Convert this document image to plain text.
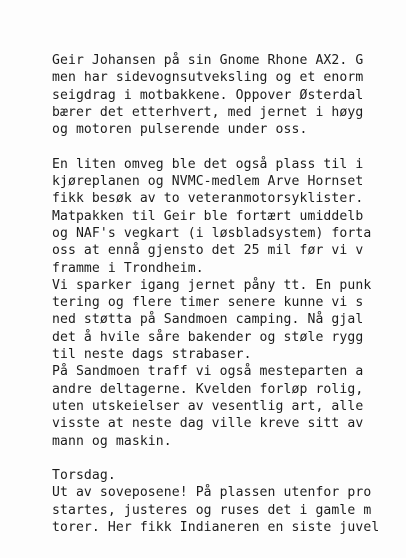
Geir Johansen på sin Gnome Rhone AX2. G
men har sidevognsutveksling og et enorm
seigdrag i motbakkene. Oppover Østerdal
bærer det etterhvert, med jernet i høyg
og motoren pulserende under oss.
En liten omveg ble det også plass til i
kjøreplanen og NVMC-medlem Arve Hornset
fikk besøk av to veteranmotorsyklister.
Matpakken til Geir ble fortært umiddelb
og NAF's vegkart (i løsbladsystem) forta
oss at ennå gjensto det 25 mil før vi v
framme i Trondheim.
Vi sparker igang jernet påny tt. En punk
tering og flere timer senere kunne vi s
ned støtta på Sandmoen camping. Nå gjal
det å hvile såre bakender og støle rygg
til neste dags strabaser.
På Sandmoen traff vi også mesteparten a
andre deltagerne. Kvelden forløp rolig,
uten utskeielser av vesentlig art, alle
visste at neste dag ville kreve sitt av
mann og maskin.
Torsdag.
Ut av soveposene! På plassen utenfor pro
startes, justeres og ruses det i gamle m
torer. Her fikk Indianeren en siste juvel
